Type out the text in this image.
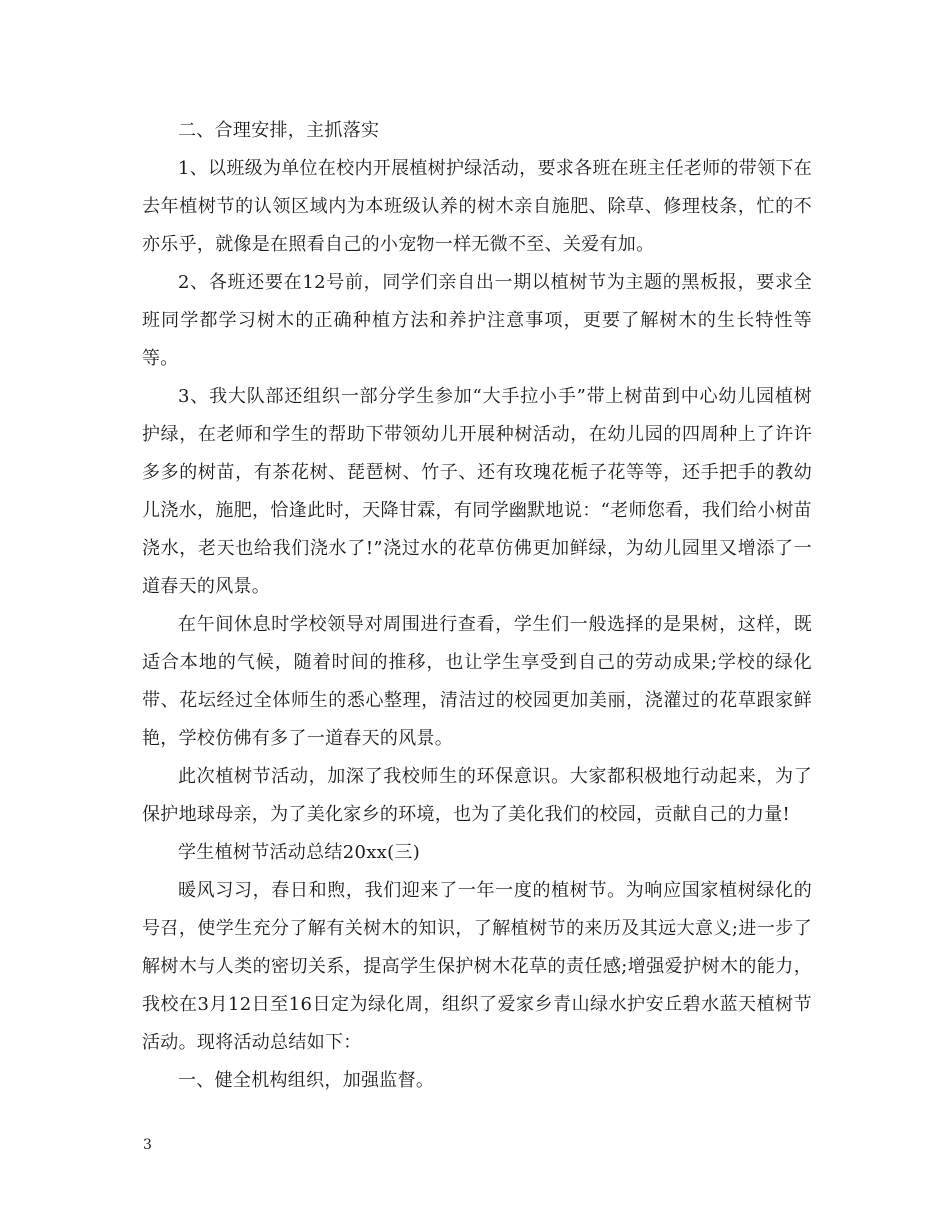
二、合理安排，主抓落实

1、以班级为单位在校内开展植树护绿活动，要求各班在班主任老师的带领下在去年植树节的认领区域内为本班级认养的树木亲自施肥、除草、修理枝条，忙的不亦乐乎，就像是在照看自己的小宠物一样无微不至、关爱有加。

2、各班还要在12号前，同学们亲自出一期以植树节为主题的黑板报，要求全班同学都学习树木的正确种植方法和养护注意事项，更要了解树木的生长特性等等。

3、我大队部还组织一部分学生参加“大手拉小手”带上树苗到中心幼儿园植树护绿，在老师和学生的帮助下带领幼儿开展种树活动，在幼儿园的四周种上了许许多多的树苗，有茶花树、琵琶树、竹子、还有玫瑰花栀子花等等，还手把手的教幼儿浇水，施肥，恰逢此时，天降甘霖，有同学幽默地说：“老师您看，我们给小树苗浇水，老天也给我们浇水了!”浇过水的花草仿佛更加鲜绿，为幼儿园里又增添了一道春天的风景。

在午间休息时学校领导对周围进行查看，学生们一般选择的是果树，这样，既适合本地的气候，随着时间的推移，也让学生享受到自己的劳动成果;学校的绿化带、花坛经过全体师生的悉心整理，清洁过的校园更加美丽，浇灌过的花草跟家鲜艳，学校仿佛有多了一道春天的风景。

此次植树节活动，加深了我校师生的环保意识。大家都积极地行动起来，为了保护地球母亲，为了美化家乡的环境，也为了美化我们的校园，贡献自己的力量!

学生植树节活动总结20xx(三)

暖风习习，春日和煦，我们迎来了一年一度的植树节。为响应国家植树绿化的号召，使学生充分了解有关树木的知识，了解植树节的来历及其远大意义;进一步了解树木与人类的密切关系，提高学生保护树木花草的责任感;增强爱护树木的能力，我校在3月12日至16日定为绿化周，组织了爱家乡青山绿水护安丘碧水蓝天植树节活动。现将活动总结如下：

一、健全机构组织，加强监督。

3
